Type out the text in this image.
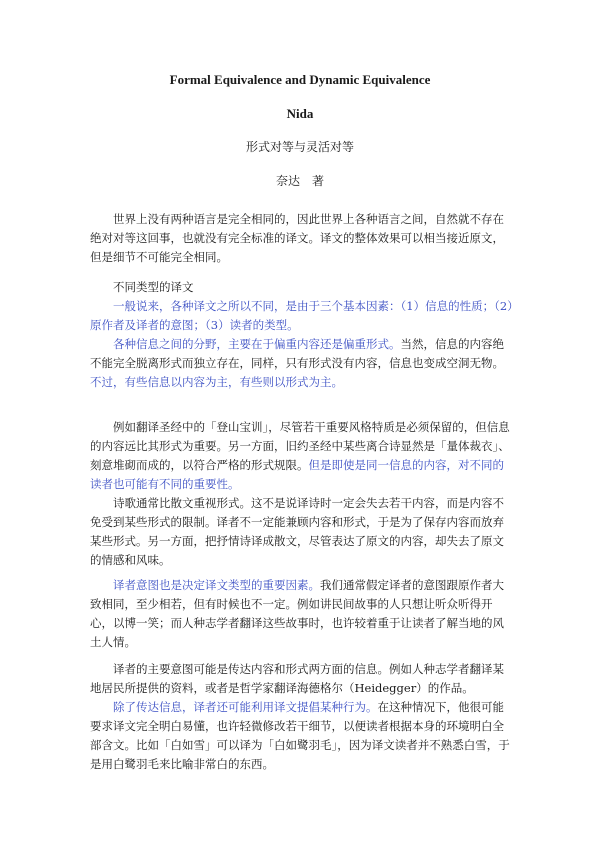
Formal Equivalence and Dynamic Equivalence
Nida
形式对等与灵活对等
奈达　著

世界上没有两种语言是完全相同的，因此世界上各种语言之间，自然就不存在绝对对等这回事，也就没有完全标准的译文。译文的整体效果可以相当接近原文，但是细节不可能完全相同。

不同类型的译文

一般说来，各种译文之所以不同，是由于三个基本因素：（1）信息的性质；（2）原作者及译者的意图；（3）读者的类型。

各种信息之间的分野，主要在于偏重内容还是偏重形式。当然，信息的内容绝不能完全脱离形式而独立存在，同样，只有形式没有内容，信息也变成空洞无物。不过，有些信息以内容为主，有些则以形式为主。

例如翻译圣经中的「登山宝训」，尽管若干重要风格特质是必须保留的，但信息的内容远比其形式为重要。另一方面，旧约圣经中某些离合诗显然是「量体裁衣」、刻意堆砌而成的，以符合严格的形式规限。但是即使是同一信息的内容，对不同的读者也可能有不同的重要性。

诗歌通常比散文重视形式。这不是说译诗时一定会失去若干内容，而是内容不免受到某些形式的限制。译者不一定能兼顾内容和形式，于是为了保存内容而放弃某些形式。另一方面，把抒情诗译成散文，尽管表达了原文的内容，却失去了原文的情感和风味。

译者意图也是决定译文类型的重要因素。我们通常假定译者的意图跟原作者大致相同，至少相若，但有时候也不一定。例如讲民间故事的人只想让听众听得开心，以博一笑；而人种志学者翻译这些故事时，也许较着重于让读者了解当地的风土人情。

译者的主要意图可能是传达内容和形式两方面的信息。例如人种志学者翻译某地居民所提供的资料，或者是哲学家翻译海德格尔（Heidegger）的作品。

除了传达信息，译者还可能利用译文提倡某种行为。在这种情况下，他很可能要求译文完全明白易懂，也许轻微修改若干细节，以便读者根据本身的环境明白全部含文。比如「白如雪」可以译为「白如鹭羽毛」，因为译文读者并不熟悉白雪，于是用白鹭羽毛来比喻非常白的东西。
